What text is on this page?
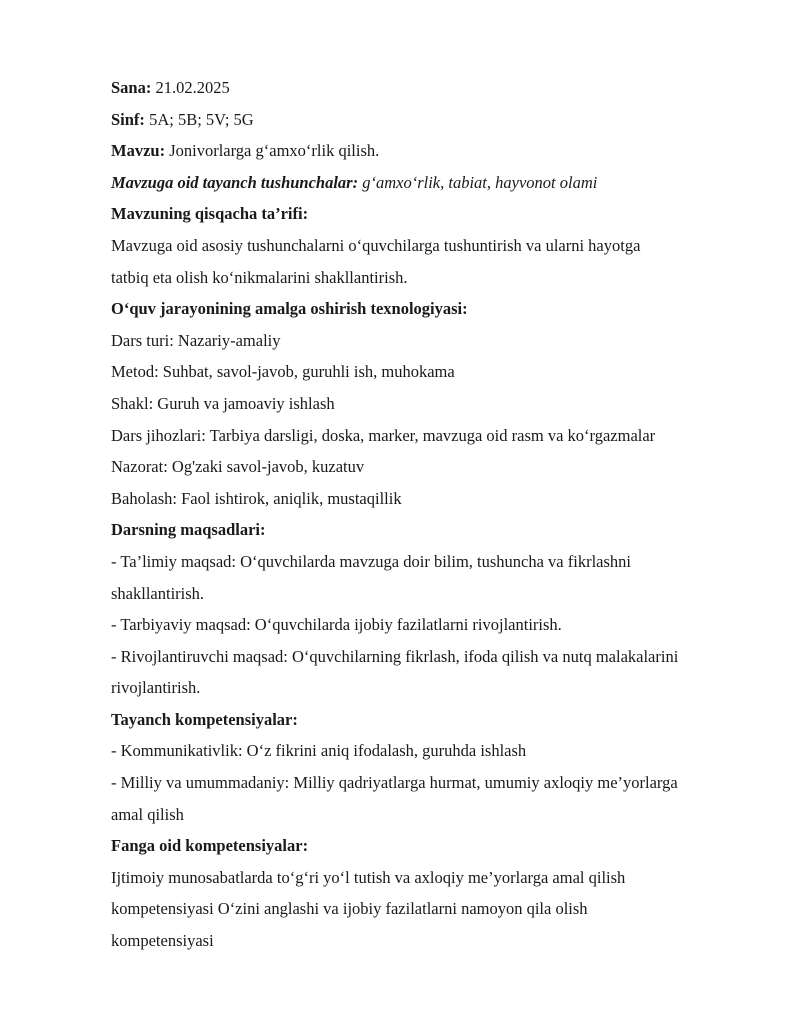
Sana: 21.02.2025
Sinf: 5A; 5B; 5V; 5G
Mavzu: Jonivorlarga g‘amxo‘rlik qilish.
Mavzuga oid tayanch tushunchalar: g‘amxo‘rlik, tabiat, hayvonot olami
Mavzuning qisqacha ta’rifi:
Mavzuga oid asosiy tushunchalarni o‘quvchilarga tushuntirish va ularni hayotga
tatbiq eta olish ko‘nikmalarini shakllantirish.
O‘quv jarayonining amalga oshirish texnologiyasi:
Dars turi: Nazariy-amaliy
Metod: Suhbat, savol-javob, guruhli ish, muhokama
Shakl: Guruh va jamoaviy ishlash
Dars jihozlari: Tarbiya darsligi, doska, marker, mavzuga oid rasm va ko‘rgazmalar
Nazorat: Og'zaki savol-javob, kuzatuv
Baholash: Faol ishtirok, aniqlik, mustaqillik
Darsning maqsadlari:
- Ta’limiy maqsad: O‘quvchilarda mavzuga doir bilim, tushuncha va fikrlashni
shakllantirish.
- Tarbiyaviy maqsad: O‘quvchilarda ijobiy fazilatlarni rivojlantirish.
- Rivojlantiruvchi maqsad: O‘quvchilarning fikrlash, ifoda qilish va nutq malakalarini
rivojlantirish.
Tayanch kompetensiyalar:
- Kommunikativlik: O‘z fikrini aniq ifodalash, guruhda ishlash
- Milliy va umummadaniy: Milliy qadriyatlarga hurmat, umumiy axloqiy me’yorlarga
amal qilish
Fanga oid kompetensiyalar:
Ijtimoiy munosabatlarda to‘g‘ri yo‘l tutish va axloqiy me’yorlarga amal qilish
kompetensiyasi O‘zini anglashi va ijobiy fazilatlarni namoyon qila olish
kompetensiyasi
